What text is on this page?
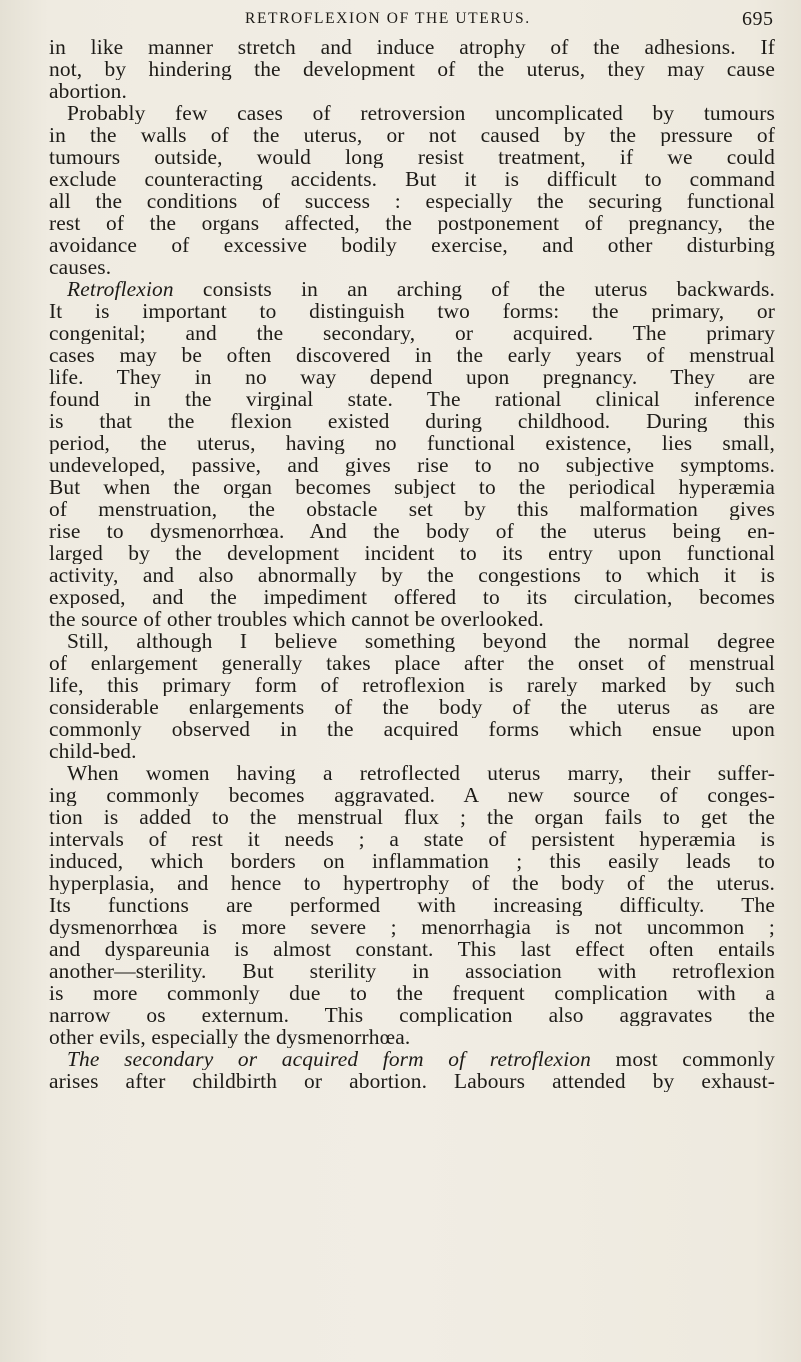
RETROFLEXION OF THE UTERUS.	695
in like manner stretch and induce atrophy of the adhesions. If
not, by hindering the development of the uterus, they may cause
abortion.
Probably few cases of retroversion uncomplicated by tumours
in the walls of the uterus, or not caused by the pressure of
tumours outside, would long resist treatment, if we could
exclude counteracting accidents. But it is difficult to command
all the conditions of success : especially the securing functional
rest of the organs affected, the postponement of pregnancy, the
avoidance of excessive bodily exercise, and other disturbing
causes.
Retroflexion consists in an arching of the uterus backwards.
It is important to distinguish two forms: the primary, or
congenital; and the secondary, or acquired. The primary
cases may be often discovered in the early years of menstrual
life. They in no way depend upon pregnancy. They are
found in the virginal state. The rational clinical inference
is that the flexion existed during childhood. During this
period, the uterus, having no functional existence, lies small,
undeveloped, passive, and gives rise to no subjective symptoms.
But when the organ becomes subject to the periodical hyperæmia
of menstruation, the obstacle set by this malformation gives
rise to dysmenorrhœa. And the body of the uterus being en-
larged by the development incident to its entry upon functional
activity, and also abnormally by the congestions to which it is
exposed, and the impediment offered to its circulation, becomes
the source of other troubles which cannot be overlooked.
Still, although I believe something beyond the normal degree
of enlargement generally takes place after the onset of menstrual
life, this primary form of retroflexion is rarely marked by such
considerable enlargements of the body of the uterus as are
commonly observed in the acquired forms which ensue upon
child-bed.
When women having a retroflected uterus marry, their suffer-
ing commonly becomes aggravated. A new source of conges-
tion is added to the menstrual flux ; the organ fails to get the
intervals of rest it needs ; a state of persistent hyperæmia is
induced, which borders on inflammation ; this easily leads to
hyperplasia, and hence to hypertrophy of the body of the uterus.
Its functions are performed with increasing difficulty. The
dysmenorrhœa is more severe ; menorrhagia is not uncommon ;
and dyspareunia is almost constant. This last effect often entails
another—sterility. But sterility in association with retroflexion
is more commonly due to the frequent complication with a
narrow os externum. This complication also aggravates the
other evils, especially the dysmenorrhœa.
The secondary or acquired form of retroflexion most commonly
arises after childbirth or abortion. Labours attended by exhaust-
